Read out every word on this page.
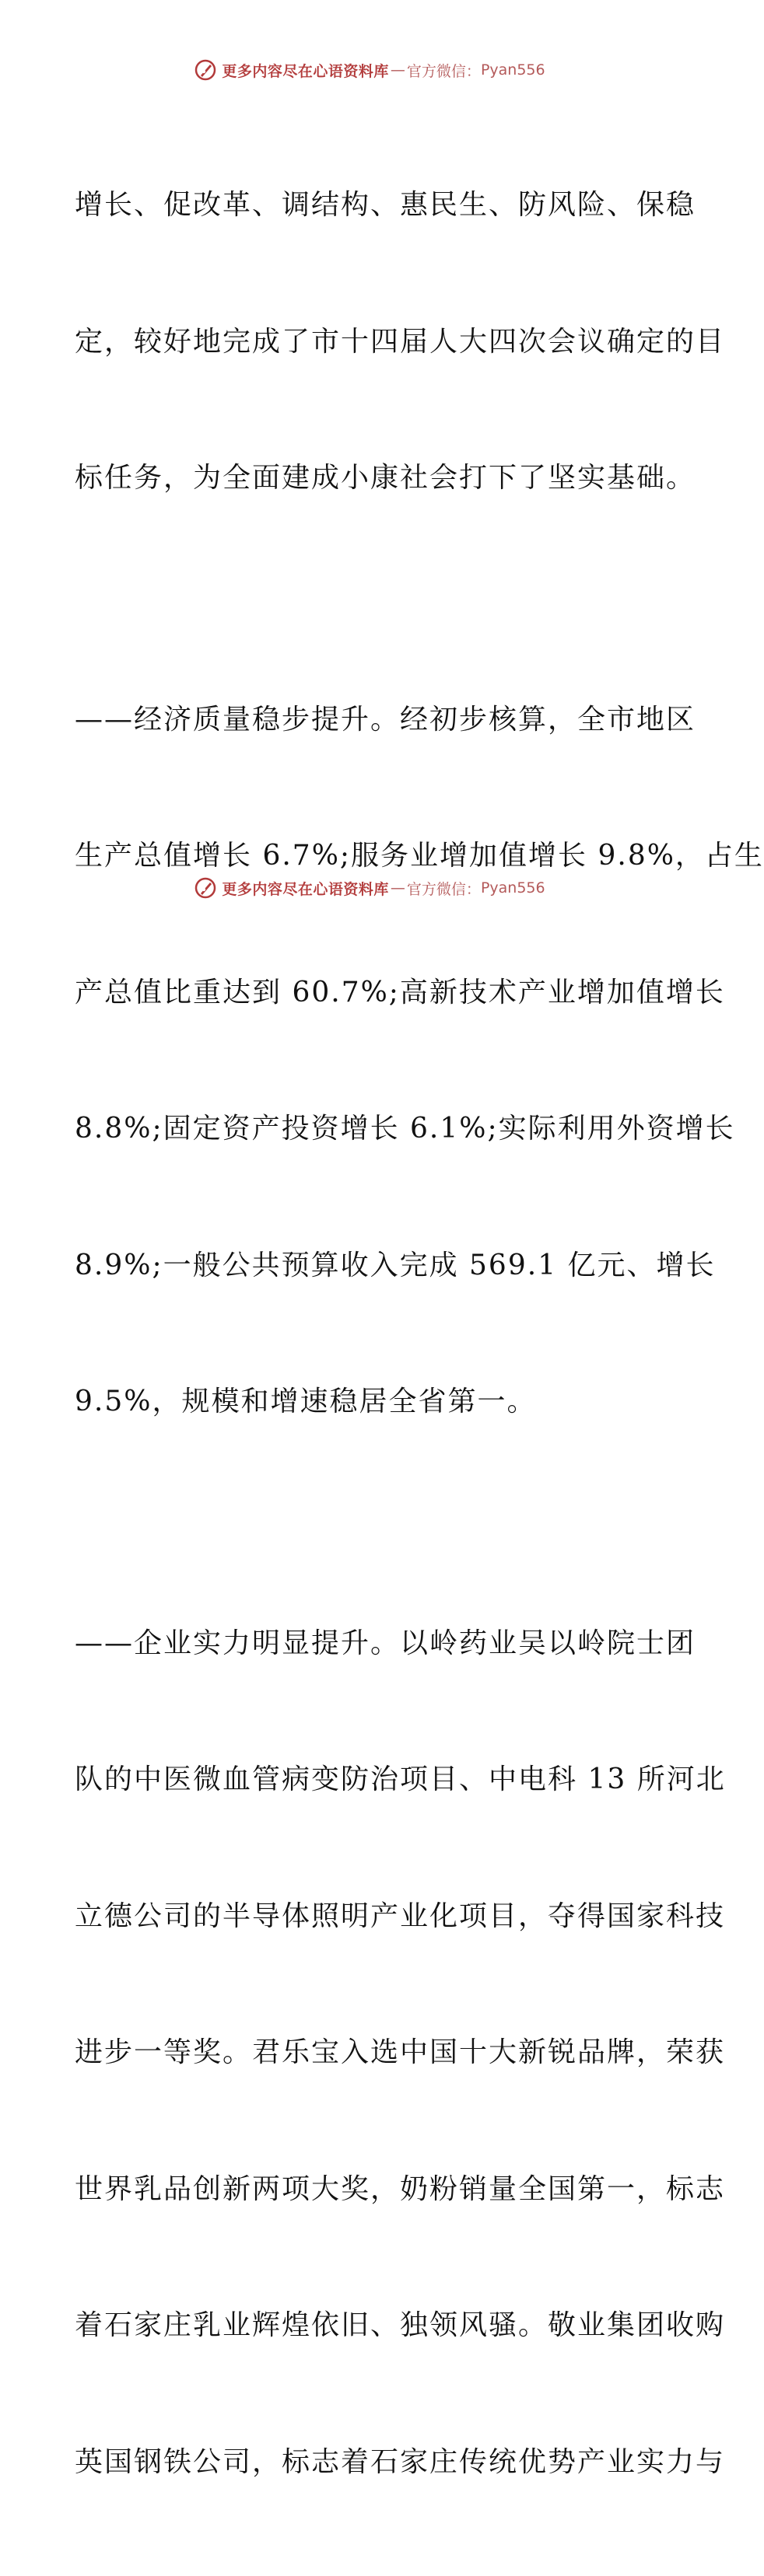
更多内容尽在心语资料库 — 官方微信： Pyan556

增长、促改革、调结构、惠民生、防风险、保稳

定，较好地完成了市十四届人大四次会议确定的目

标任务，为全面建成小康社会打下了坚实基础。

——经济质量稳步提升。经初步核算，全市地区

生产总值增长 6.7%;服务业增加值增长 9.8%，占生

产总值比重达到 60.7%;高新技术产业增加值增长

8.8%;固定资产投资增长 6.1%;实际利用外资增长

8.9%;一般公共预算收入完成 569.1 亿元、增长

9.5%，规模和增速稳居全省第一。

——企业实力明显提升。以岭药业吴以岭院士团

队的中医微血管病变防治项目、中电科 13 所河北

立德公司的半导体照明产业化项目，夺得国家科技

进步一等奖。君乐宝入选中国十大新锐品牌，荣获

世界乳品创新两项大奖，奶粉销量全国第一，标志

着石家庄乳业辉煌依旧、独领风骚。敬业集团收购

英国钢铁公司，标志着石家庄传统优势产业实力与

更多内容尽在心语资料库 — 官方微信： Pyan556
